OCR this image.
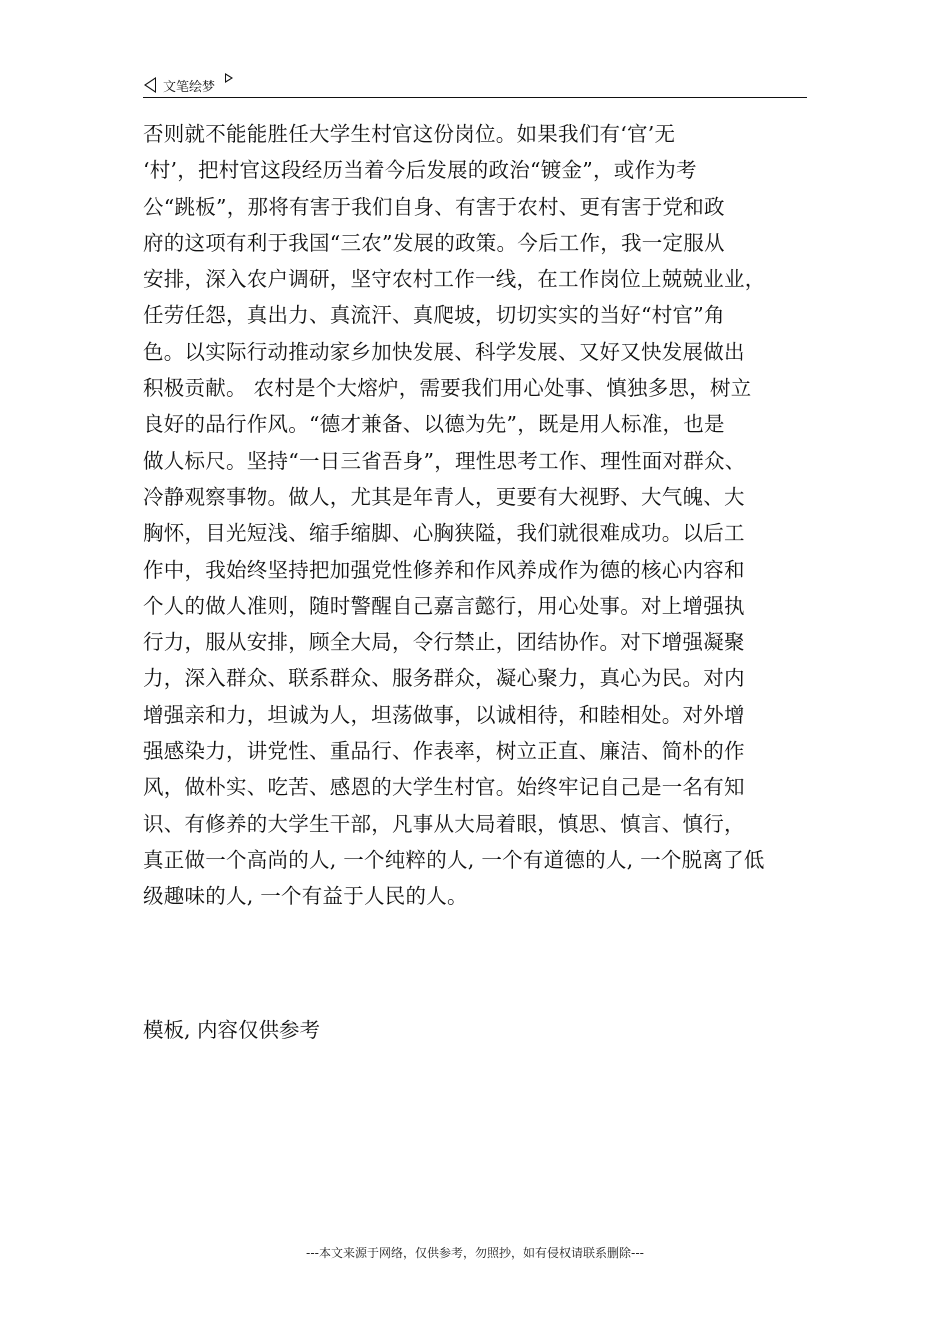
文笔绘梦
否则就不能能胜任大学生村官这份岗位。如果我们有‘官’无
‘村’，把村官这段经历当着今后发展的政治“镀金”，或作为考
公“跳板”，那将有害于我们自身、有害于农村、更有害于党和政
府的这项有利于我国“三农”发展的政策。今后工作，我一定服从
安排，深入农户调研，坚守农村工作一线，在工作岗位上兢兢业业，
任劳任怨，真出力、真流汗、真爬坡，切切实实的当好“村官”角
色。以实际行动推动家乡加快发展、科学发展、又好又快发展做出
积极贡献。 农村是个大熔炉，需要我们用心处事、慎独多思，树立
良好的品行作风。“德才兼备、以德为先”，既是用人标准，也是
做人标尺。坚持“一日三省吾身”，理性思考工作、理性面对群众、
冷静观察事物。做人，尤其是年青人，更要有大视野、大气魄、大
胸怀，目光短浅、缩手缩脚、心胸狭隘，我们就很难成功。以后工
作中，我始终坚持把加强党性修养和作风养成作为德的核心内容和
个人的做人准则，随时警醒自己嘉言懿行，用心处事。对上增强执
行力，服从安排，顾全大局，令行禁止，团结协作。对下增强凝聚
力，深入群众、联系群众、服务群众，凝心聚力，真心为民。对内
增强亲和力，坦诚为人，坦荡做事，以诚相待，和睦相处。对外增
强感染力，讲党性、重品行、作表率，树立正直、廉洁、简朴的作
风，做朴实、吃苦、感恩的大学生村官。始终牢记自己是一名有知
识、有修养的大学生干部，凡事从大局着眼，慎思、慎言、慎行，
真正做一个高尚的人, 一个纯粹的人, 一个有道德的人, 一个脱离了低
级趣味的人, 一个有益于人民的人。
模板, 内容仅供参考
---本文来源于网络，仅供参考，勿照抄，如有侵权请联系删除---
